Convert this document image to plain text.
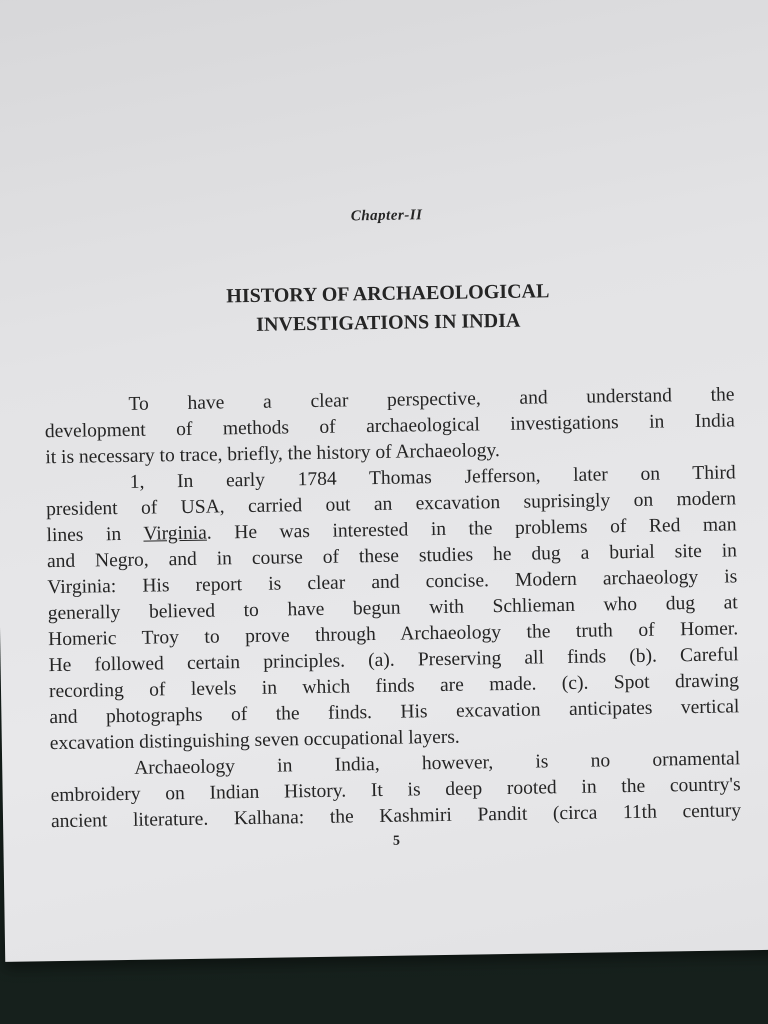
Chapter-II
HISTORY OF ARCHAEOLOGICAL
INVESTIGATIONS IN INDIA
To have a clear perspective, and understand the
development of methods of archaeological investigations in India
it is necessary to trace, briefly, the history of Archaeology.
1, In early 1784 Thomas Jefferson, later on Third
president of USA, carried out an excavation suprisingly on modern
lines in Virginia. He was interested in the problems of Red man
and Negro, and in course of these studies he dug a burial site in
Virginia: His report is clear and concise. Modern archaeology is
generally believed to have begun with Schlieman who dug at
Homeric Troy to prove through Archaeology the truth of Homer.
He followed certain principles. (a). Preserving all finds (b). Careful
recording of levels in which finds are made. (c). Spot drawing
and photographs of the finds. His excavation anticipates vertical
excavation distinguishing seven occupational layers.
Archaeology in India, however, is no ornamental
embroidery on Indian History. It is deep rooted in the country's
ancient literature. Kalhana: the Kashmiri Pandit (circa 11th century
5
